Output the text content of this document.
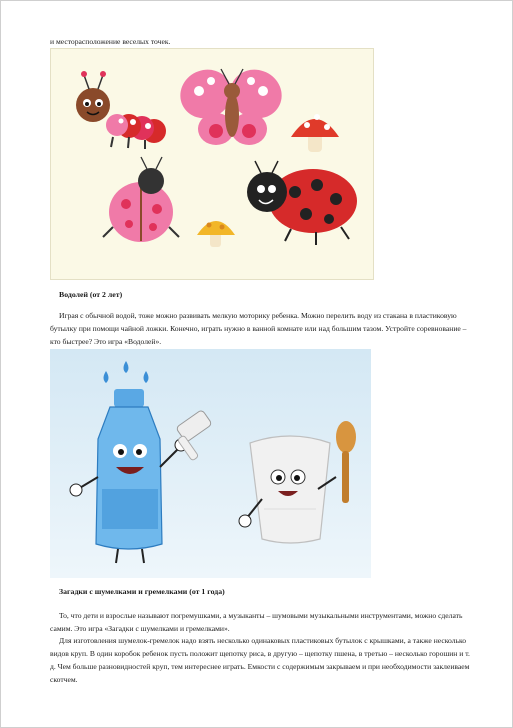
и месторасположение веселых точек.

Водолей (от 2 лет)

Играя с обычной водой, тоже можно развивать мелкую моторику ребенка. Можно перелить воду из стакана в пластиковую бутылку при помощи чайной ложки. Конечно, играть нужно в ванной комнате или над большим тазом. Устройте соревнование – кто быстрее? Это игра «Водолей».

Загадки с шумелками и гремелками (от 1 года)

То, что дети и взрослые называют погремушками, а музыканты – шумовыми музыкальными инструментами, можно сделать самим. Это игра «Загадки с шумелками и гремелками».

Для изготовления шумелок-гремелок надо взять несколько одинаковых пластиковых бутылок с крышками, а также несколько видов круп. В один коробок ребенок пусть положит щепотку риса, в другую – щепотку пшена, в третью – несколько горошин и т. д. Чем больше разновидностей круп, тем интереснее играть. Емкости с содержимым закрываем и при необходимости заклеиваем скотчем.
